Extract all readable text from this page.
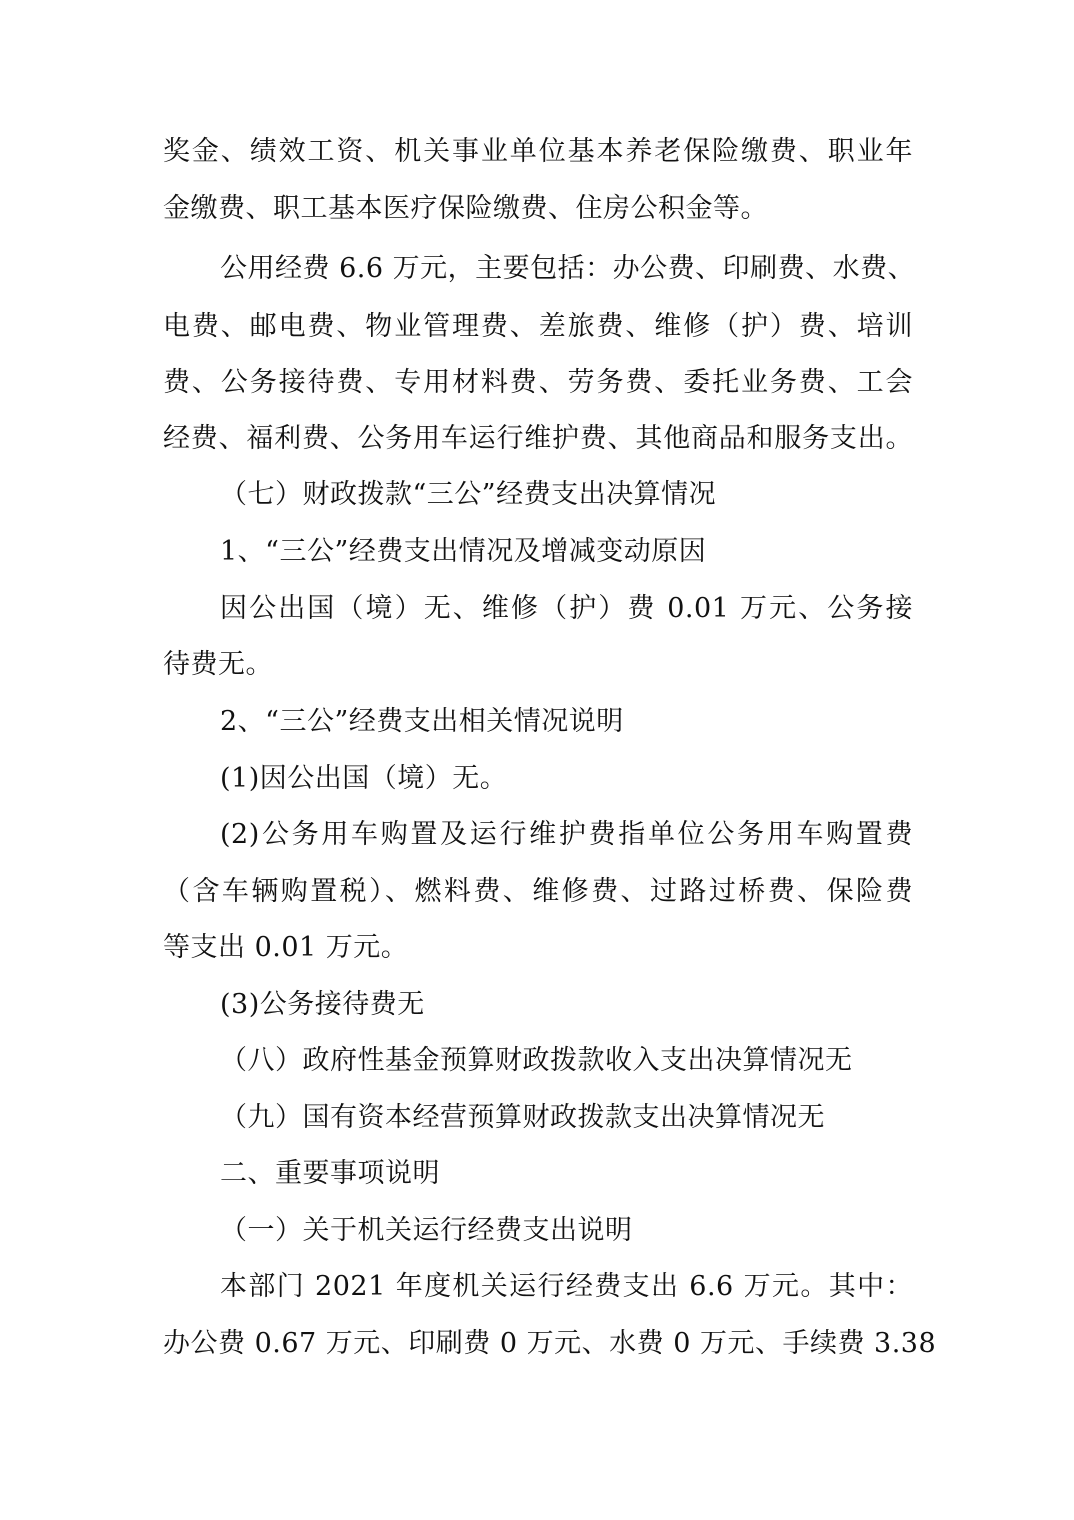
奖金、绩效工资、机关事业单位基本养老保险缴费、职业年
金缴费、职工基本医疗保险缴费、住房公积金等。
公用经费 6.6 万元，主要包括：办公费、印刷费、水费、
电费、邮电费、物业管理费、差旅费、维修（护）费、培训
费、公务接待费、专用材料费、劳务费、委托业务费、工会
经费、福利费、公务用车运行维护费、其他商品和服务支出。
（七）财政拨款“三公”经费支出决算情况
1、“三公”经费支出情况及增减变动原因
因公出国（境）无、维修（护）费 0.01 万元、公务接
待费无。
2、“三公”经费支出相关情况说明
(1)因公出国（境）无。
(2)公务用车购置及运行维护费指单位公务用车购置费
（含车辆购置税）、燃料费、维修费、过路过桥费、保险费
等支出 0.01 万元。
(3)公务接待费无
（八）政府性基金预算财政拨款收入支出决算情况无
（九）国有资本经营预算财政拨款支出决算情况无
二、重要事项说明
（一）关于机关运行经费支出说明
本部门 2021 年度机关运行经费支出 6.6 万元。其中：
办公费 0.67 万元、印刷费 0 万元、水费 0 万元、手续费 3.38
